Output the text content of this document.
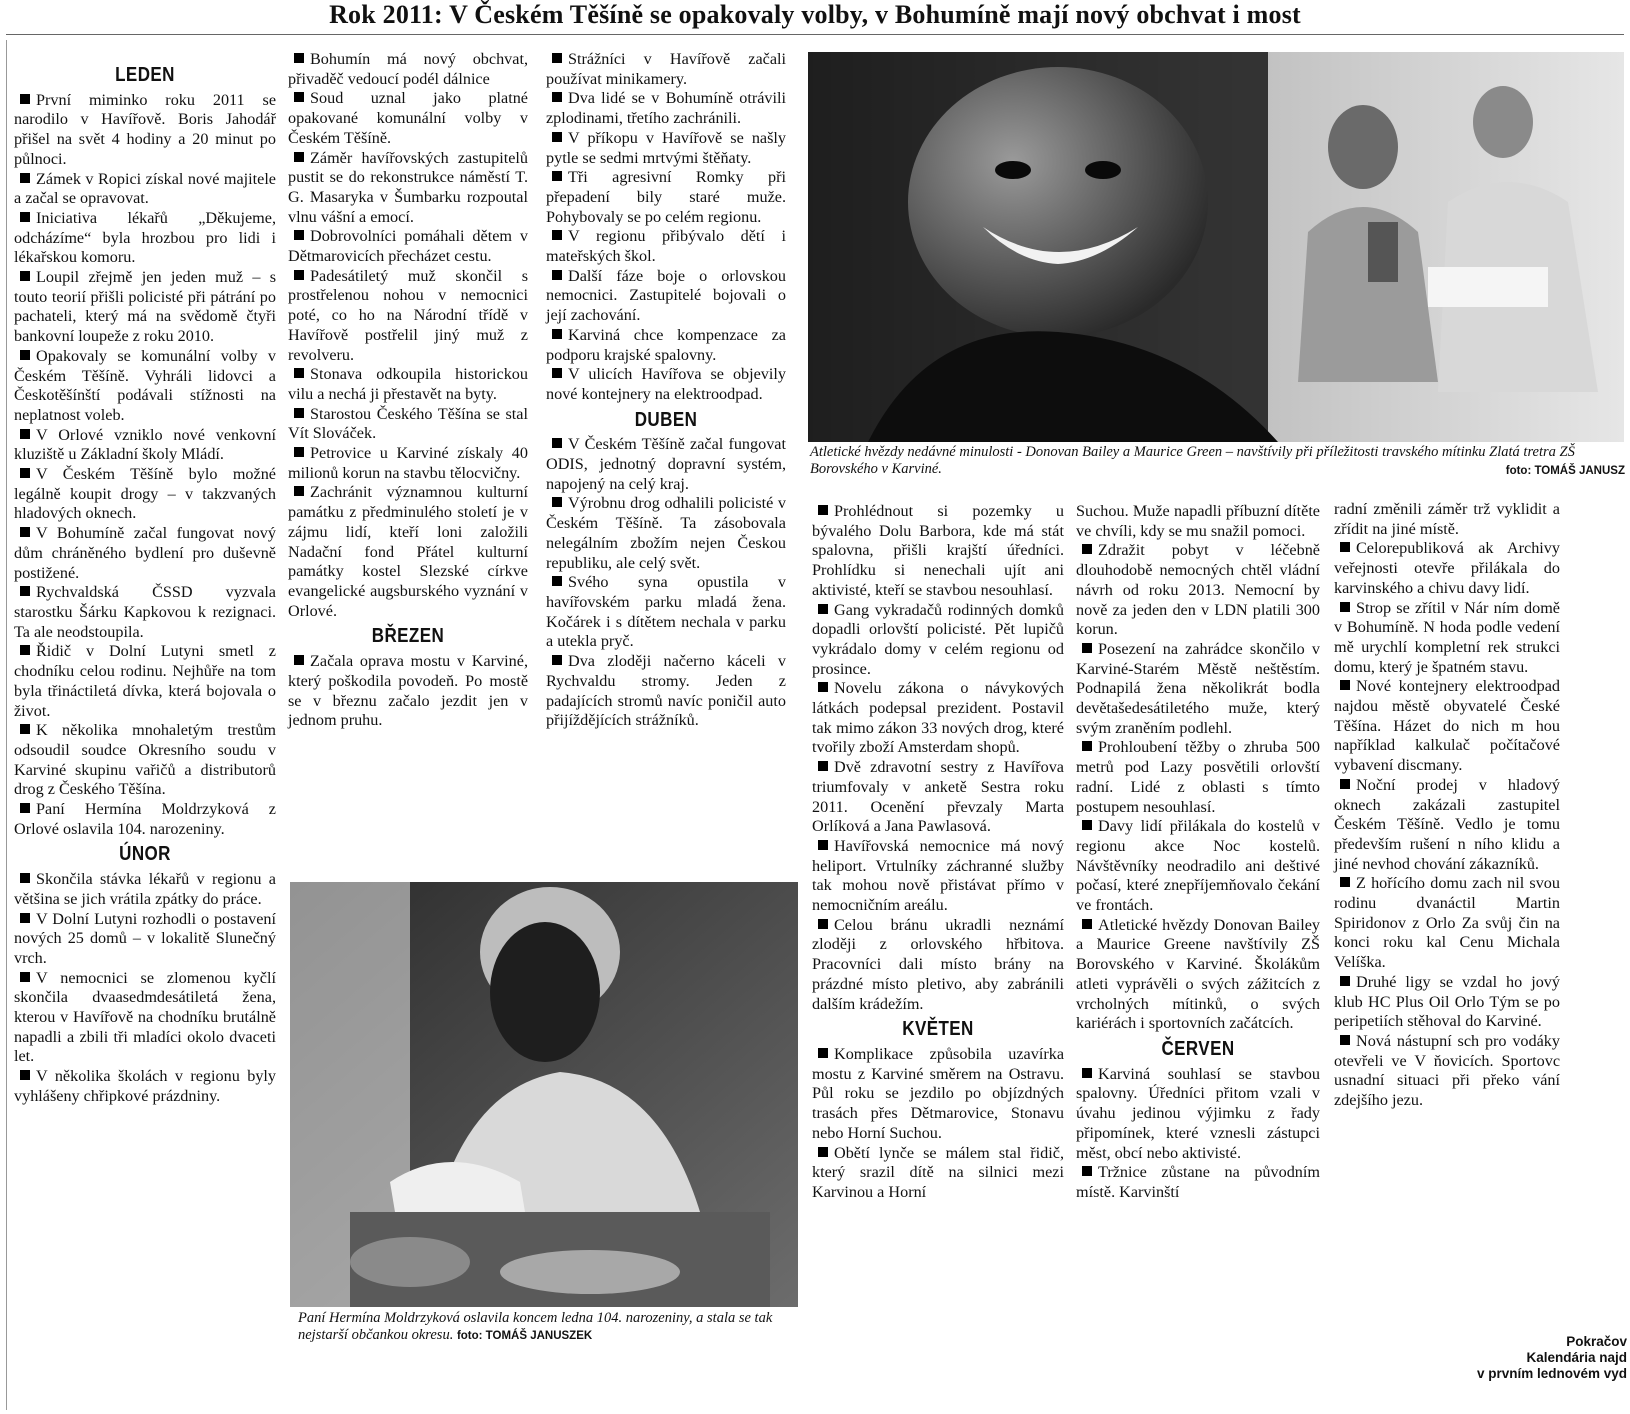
Rok 2011: V Českém Těšíně se opakovaly volby, v Bohumíně mají nový obchvat i most
LEDEN

První miminko roku 2011 se narodilo v Havířově. Boris Jahodář přišel na svět 4 hodiny a 20 minut po půlnoci.

Zámek v Ropici získal nové majitele a začal se opravovat.

Iniciativa lékařů „Děkujeme, odcházíme“ byla hrozbou pro lidi i lékařskou komoru.

Loupil zřejmě jen jeden muž – s touto teorií přišli policisté při pátrání po pachateli, který má na svědomě čtyři bankovní loupeže z roku 2010.

Opakovaly se komunální volby v Českém Těšíně. Vyhráli lidovci a Českotěšínští podávali stížnosti na neplatnost voleb.

V Orlové vzniklo nové venkovní kluziště u Základní školy Mládí.

V Českém Těšíně bylo možné legálně koupit drogy – v takzvaných hladových oknech.

V Bohumíně začal fungovat nový dům chráněného bydlení pro duševně postižené.

Rychvaldská ČSSD vyzvala starostku Šárku Kapkovou k rezignaci. Ta ale neodstoupila.

Řidič v Dolní Lutyni smetl z chodníku celou rodinu. Nejhůře na tom byla třináctiletá dívka, která bojovala o život.

K několika mnohaletým trestům odsoudil soudce Okresního soudu v Karviné skupinu vařičů a distributorů drog z Českého Těšína.

Paní Hermína Moldrzyková z Orlové oslavila 104. narozeniny.

ÚNOR

Skončila stávka lékařů v regionu a většina se jich vrátila zpátky do práce.

V Dolní Lutyni rozhodli o postavení nových 25 domů – v lokalitě Slunečný vrch.

V nemocnici se zlomenou kyčlí skončila dvaasedmdesátiletá žena, kterou v Havířově na chodníku brutálně napadli a zbili tři mladíci okolo dvaceti let.

V několika školách v regionu byly vyhlášeny chřipkové prázdniny.

Bohumín má nový obchvat, přivaděč vedoucí podél dálnice

Soud uznal jako platné opakované komunální volby v Českém Těšíně.

Záměr havířovských zastupitelů pustit se do rekonstrukce náměstí T. G. Masaryka v Šumbarku rozpoutal vlnu vášní a emocí.

Dobrovolníci pomáhali dětem v Dětmarovicích přecházet cestu.

Padesátiletý muž skončil s prostřelenou nohou v nemocnici poté, co ho na Národní třídě v Havířově postřelil jiný muž z revolveru.

Stonava odkoupila historickou vilu a nechá ji přestavět na byty.

Starostou Českého Těšína se stal Vít Slováček.

Petrovice u Karviné získaly 40 milionů korun na stavbu tělocvičny.

Zachránit významnou kulturní památku z předminulého století je v zájmu lidí, kteří loni založili Nadační fond Přátel kulturní památky kostel Slezské církve evangelické augsburského vyznání v Orlové.

BŘEZEN

Začala oprava mostu v Karviné, který poškodila povodeň. Po mostě se v březnu začalo jezdit jen v jednom pruhu.

Strážníci v Havířově začali používat minikamery.

Dva lidé se v Bohumíně otrávili zplodinami, třetího zachránili.

V příkopu v Havířově se našly pytle se sedmi mrtvými štěňaty.

Tři agresivní Romky při přepadení bily staré muže. Pohybovaly se po celém regionu.

V regionu přibývalo dětí i mateřských škol.

Další fáze boje o orlovskou nemocnici. Zastupitelé bojovali o její zachování.

Karviná chce kompenzace za podporu krajské spalovny.

V ulicích Havířova se objevily nové kontejnery na elektroodpad.

DUBEN

V Českém Těšíně začal fungovat ODIS, jednotný dopravní systém, napojený na celý kraj.

Výrobnu drog odhalili policisté v Českém Těšíně. Ta zásobovala nelegálním zbožím nejen Českou republiku, ale celý svět.

Svého syna opustila v havířovském parku mladá žena. Kočárek i s dítětem nechala v parku a utekla pryč.

Dva zloději načerno káceli v Rychvaldu stromy. Jeden z padajících stromů navíc poničil auto přijíždějících strážníků.

Atletické hvězdy nedávné minulosti - Donovan Bailey a Maurice Green – navštívily při příležitosti travského mítinku Zlatá tretra ZŠ Borovského v Karviné.	foto: TOMÁŠ JANUSZ

Prohlédnout si pozemky u bývalého Dolu Barbora, kde má stát spalovna, přišli krajští úředníci. Prohlídku si nenechali ujít ani aktivisté, kteří se stavbou nesouhlasí.

Gang vykradačů rodinných domků dopadli orlovští policisté. Pět lupičů vykrádalo domy v celém regionu od prosince.

Novelu zákona o návykových látkách podepsal prezident. Postavil tak mimo zákon 33 nových drog, které tvořily zboží Amsterdam shopů.

Dvě zdravotní sestry z Havířova triumfovaly v anketě Sestra roku 2011. Ocenění převzaly Marta Orlíková a Jana Pawlasová.

Havířovská nemocnice má nový heliport. Vrtulníky záchranné služby tak mohou nově přistávat přímo v nemocničním areálu.

Celou bránu ukradli neznámí zloději z orlovského hřbitova. Pracovníci dali místo brány na prázdné místo pletivo, aby zabránili dalším krádežím.

KVĚTEN

Komplikace způsobila uzavírka mostu z Karviné směrem na Ostravu. Půl roku se jezdilo po objízdných trasách přes Dětmarovice, Stonavu nebo Horní Suchou.

Obětí lynče se málem stal řidič, který srazil dítě na silnici mezi Karvinou a Horní

Suchou. Muže napadli příbuzní dítěte ve chvíli, kdy se mu snažil pomoci.

Zdražit pobyt v léčebně dlouhodobě nemocných chtěl vládní návrh od roku 2013. Nemocní by nově za jeden den v LDN platili 300 korun.

Posezení na zahrádce skončilo v Karviné-Starém Městě neštěstím. Podnapilá žena několikrát bodla devětašedesátiletého muže, který svým zraněním podlehl.

Prohloubení těžby o zhruba 500 metrů pod Lazy posvětili orlovští radní. Lidé z oblasti s tímto postupem nesouhlasí.

Davy lidí přilákala do kostelů v regionu akce Noc kostelů. Návštěvníky neodradilo ani deštivé počasí, které znepříjemňovalo čekání ve frontách.

Atletické hvězdy Donovan Bailey a Maurice Greene navštívily ZŠ Borovského v Karviné. Školákům atleti vyprávěli o svých zážitcích z vrcholných mítinků, o svých kariérách i sportovních začátcích.

ČERVEN

Karviná souhlasí se stavbou spalovny. Úředníci přitom vzali v úvahu jedinou výjimku z řady připomínek, které vznesli zástupci měst, obcí nebo aktivisté.

Tržnice zůstane na původním místě. Karvinští

radní změnili záměr trž vyklidit a zřídit na jiné místě.

Celorepubliková ak Archivy veřejnosti otevře přilákala do karvinského a chivu davy lidí.

Strop se zřítil v Nár ním domě v Bohumíně. N hoda podle vedení mě urychlí kompletní rek strukci domu, který je špatném stavu.

Nové kontejnery elektroodpad najdou městě obyvatelé České Těšína. Házet do nich m hou například kalkulač počítačové vybavení discmany.

Noční prodej v hladový oknech zakázali zastupitel Českém Těšíně. Vedlo je tomu především rušení n ního klidu a jiné nevhod chování zákazníků.

Z hořícího domu zach nil svou rodinu dvanáctil Martin Spiridonov z Orlo Za svůj čin na konci roku kal Cenu Michala Velíška.

Druhé ligy se vzdal ho jový klub HC Plus Oil Orlo Tým se po peripetiích stěhoval do Karviné.

Nová nástupní sch pro vodáky otevřeli ve V ňovicích. Sportovc usnadní situaci při překo vání zdejšího jezu.

Paní Hermína Moldrzyková oslavila koncem ledna 104. narozeniny, a stala se tak nejstarší občankou okresu. foto: TOMÁŠ JANUSZEK	Pokračov
Kalendária najd
v prvním lednovém vyd
